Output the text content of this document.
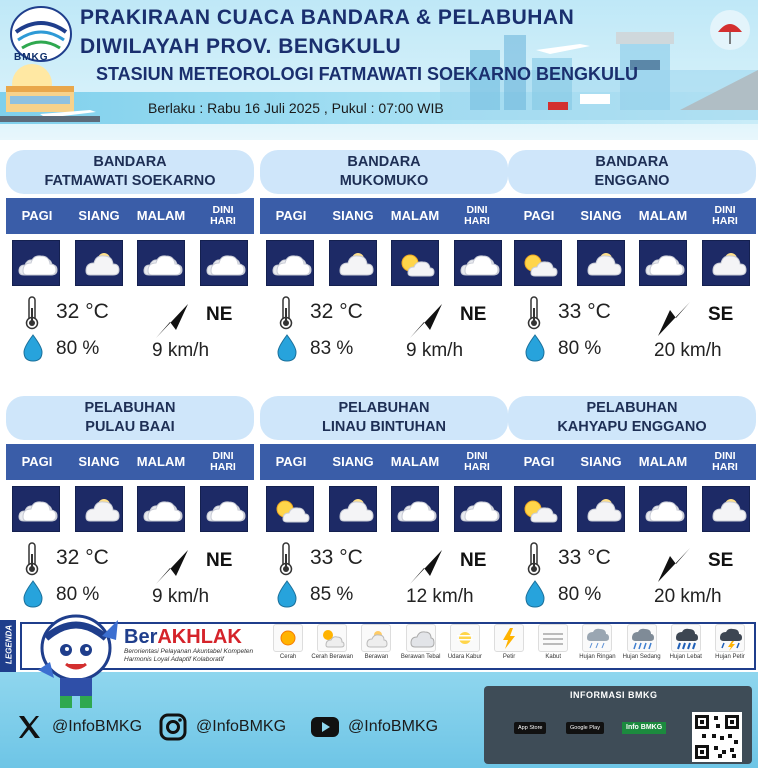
BMKG
PRAKIRAAN CUACA BANDARA & PELABUHAN
DIWILAYAH PROV. BENGKULU
STASIUN METEOROLOGI FATMAWATI SOEKARNO BENGKULU
Berlaku : Rabu 16 Juli 2025 , Pukul : 07:00 WIB
BANDARA
FATMAWATI SOEKARNO
PAGI	SIANG	MALAM	DINI
HARI
32 °C
80 %
NE
9 km/h
BANDARA
MUKOMUKO
PAGI	SIANG	MALAM	DINI
HARI
32 °C
83 %
NE
9 km/h
BANDARA
ENGGANO
PAGI	SIANG	MALAM	DINI
HARI
33 °C
80 %
SE
20 km/h
PELABUHAN
PULAU BAAI
PAGI	SIANG	MALAM	DINI
HARI
32 °C
80 %
NE
9 km/h
PELABUHAN
LINAU BINTUHAN
PAGI	SIANG	MALAM	DINI
HARI
33 °C
85 %
NE
12 km/h
PELABUHAN
KAHYAPU ENGGANO
PAGI	SIANG	MALAM	DINI
HARI
33 °C
80 %
SE
20 km/h
LEGENDA	BerAKHLAK
Berorientasi Pelayanan Akuntabel Kompeten
Harmonis Loyal Adaptif Kolaboratif	Cerah	Cerah Berawan	Berawan	Berawan Tebal	Udara Kabur	Petir	Kabut	Hujan Ringan	Hujan Sedang	Hujan Lebat	Hujan Petir
@InfoBMKG	@InfoBMKG	@InfoBMKG
INFORMASI BMKG
App Store	Google Play	Info BMKG
